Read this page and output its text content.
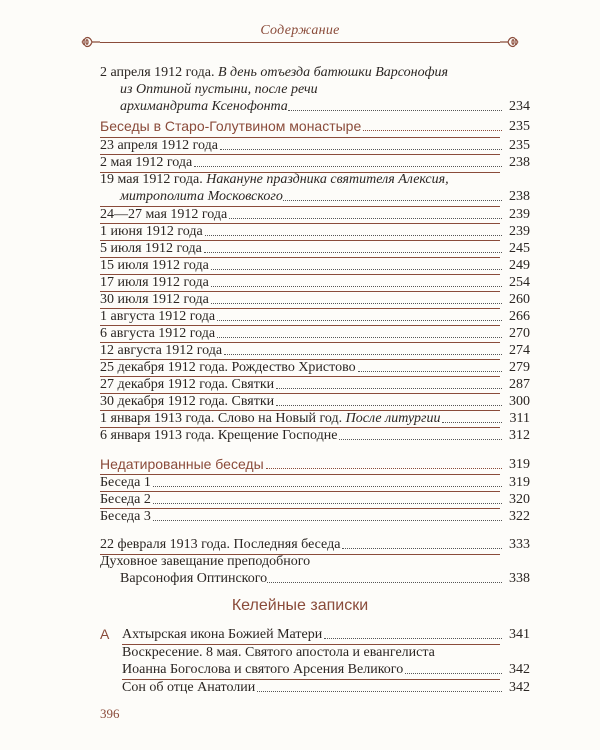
Содержание
2 апреля 1912 года. В день отъезда батюшки Варсонофия
из Оптиной пустыни, после речи
архимандрита Ксенофонта	234
Беседы в Старо-Голутвином монастыре	235
23 апреля 1912 года	235
2 мая 1912 года	238
19 мая 1912 года. Накануне праздника святителя Алексия,
митрополита Московского	238
24—27 мая 1912 года	239
1 июня 1912 года	239
5 июля 1912 года	245
15 июля 1912 года	249
17 июля 1912 года	254
30 июля 1912 года	260
1 августа 1912 года	266
6 августа 1912 года	270
12 августа 1912 года	274
25 декабря 1912 года. Рождество Христово	279
27 декабря 1912 года. Святки	287
30 декабря 1912 года. Святки	300
1 января 1913 года. Слово на Новый год. После литургии	311
6 января 1913 года. Крещение Господне	312
Недатированные беседы	319
Беседа 1	319
Беседа 2	320
Беседа 3	322
22 февраля 1913 года. Последняя беседа	333
Духовное завещание преподобного
Варсонофия Оптинского	338
Келейные записки
А Ахтырская икона Божией Матери	341
Воскресение. 8 мая. Святого апостола и евангелиста
Иоанна Богослова и святого Арсения Великого	342
Сон об отце Анатолии	342
396
